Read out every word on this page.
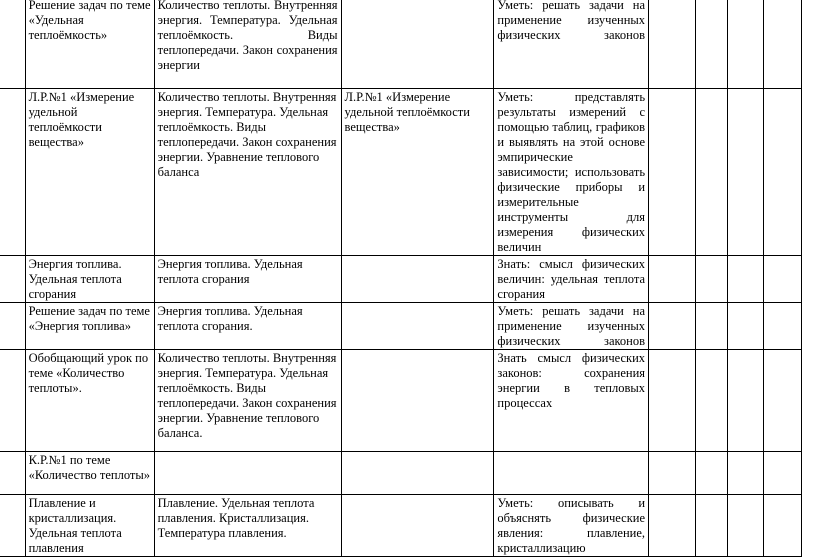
	Решение задач по теме «Удельная теплоёмкость»	Количество теплоты. Внутренняя энергия. Температура. Удельная теплоёмкость. Виды теплопередачи. Закон сохранения энергии		Уметь: решать задачи на применение изученных физических законов				
	Л.Р.№1 «Измерение удельной теплоёмкости вещества»	Количество теплоты. Внутренняя энергия. Температура. Удельная теплоёмкость. Виды теплопередачи. Закон сохранения энергии. Уравнение теплового баланса	Л.Р.№1 «Измерение удельной теплоёмкости вещества»	Уметь: представлять результаты измерений с помощью таблиц, графиков и выявлять на этой основе эмпирические зависимости; использовать физические приборы и измерительные инструменты для измерения физических величин				
	Энергия топлива. Удельная теплота сгорания	Энергия топлива. Удельная теплота сгорания		Знать: смысл физических величин: удельная теплота сгорания				
	Решение задач по теме «Энергия топлива»	Энергия топлива. Удельная теплота сгорания.		Уметь: решать задачи на применение изученных физических законов				
	Обобщающий урок по теме «Количество теплоты».	Количество теплоты. Внутренняя энергия. Температура. Удельная теплоёмкость. Виды теплопередачи. Закон сохранения энергии. Уравнение теплового баланса.		Знать смысл физических законов: сохранения энергии в тепловых процессах				
	К.Р.№1 по теме «Количество теплоты»							
	Плавление и кристаллизация. Удельная теплота плавления	Плавление. Удельная теплота плавления. Кристаллизация. Температура плавления.		Уметь: описывать и объяснять физические явления: плавление, кристаллизацию				
